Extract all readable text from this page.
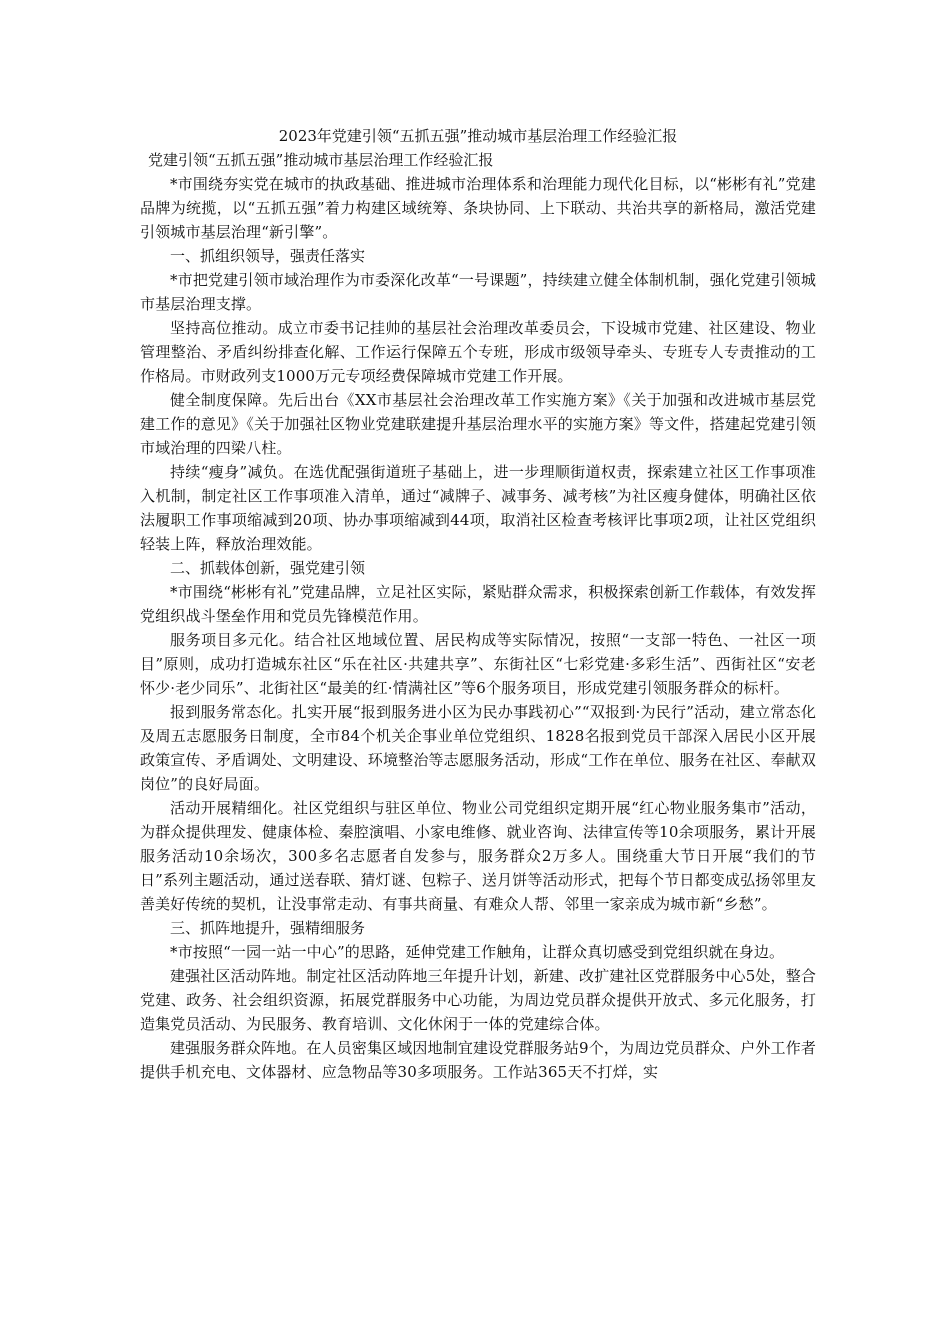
2023年党建引领“五抓五强”推动城市基层治理工作经验汇报

党建引领“五抓五强”推动城市基层治理工作经验汇报

*市围绕夯实党在城市的执政基础、推进城市治理体系和治理能力现代化目标，以“彬彬有礼”党建品牌为统揽，以“五抓五强”着力构建区域统筹、条块协同、上下联动、共治共享的新格局，激活党建引领城市基层治理“新引擎”。

一、抓组织领导，强责任落实

*市把党建引领市域治理作为市委深化改革“一号课题”，持续建立健全体制机制，强化党建引领城市基层治理支撑。

坚持高位推动。成立市委书记挂帅的基层社会治理改革委员会，下设城市党建、社区建设、物业管理整治、矛盾纠纷排查化解、工作运行保障五个专班，形成市级领导牵头、专班专人专责推动的工作格局。市财政列支1000万元专项经费保障城市党建工作开展。

健全制度保障。先后出台《XX市基层社会治理改革工作实施方案》《关于加强和改进城市基层党建工作的意见》《关于加强社区物业党建联建提升基层治理水平的实施方案》等文件，搭建起党建引领市域治理的四梁八柱。

持续“瘦身”减负。在选优配强街道班子基础上，进一步理顺街道权责，探索建立社区工作事项准入机制，制定社区工作事项准入清单，通过“减牌子、减事务、减考核”为社区瘦身健体，明确社区依法履职工作事项缩减到20项、协办事项缩减到44项，取消社区检查考核评比事项2项，让社区党组织轻装上阵，释放治理效能。

二、抓载体创新，强党建引领

*市围绕“彬彬有礼”党建品牌，立足社区实际，紧贴群众需求，积极探索创新工作载体，有效发挥党组织战斗堡垒作用和党员先锋模范作用。

服务项目多元化。结合社区地域位置、居民构成等实际情况，按照“一支部一特色、一社区一项目”原则，成功打造城东社区“乐在社区·共建共享”、东街社区“七彩党建·多彩生活”、西街社区“安老怀少·老少同乐”、北街社区“最美的红·情满社区”等6个服务项目，形成党建引领服务群众的标杆。

报到服务常态化。扎实开展“报到服务进小区为民办事践初心”“双报到·为民行”活动，建立常态化及周五志愿服务日制度，全市84个机关企事业单位党组织、1828名报到党员干部深入居民小区开展政策宣传、矛盾调处、文明建设、环境整治等志愿服务活动，形成“工作在单位、服务在社区、奉献双岗位”的良好局面。

活动开展精细化。社区党组织与驻区单位、物业公司党组织定期开展“红心物业服务集市”活动，为群众提供理发、健康体检、秦腔演唱、小家电维修、就业咨询、法律宣传等10余项服务，累计开展服务活动10余场次，300多名志愿者自发参与，服务群众2万多人。围绕重大节日开展“我们的节日”系列主题活动，通过送春联、猜灯谜、包粽子、送月饼等活动形式，把每个节日都变成弘扬邻里友善美好传统的契机，让没事常走动、有事共商量、有难众人帮、邻里一家亲成为城市新“乡愁”。

三、抓阵地提升，强精细服务

*市按照“一园一站一中心”的思路，延伸党建工作触角，让群众真切感受到党组织就在身边。

建强社区活动阵地。制定社区活动阵地三年提升计划，新建、改扩建社区党群服务中心5处，整合党建、政务、社会组织资源，拓展党群服务中心功能，为周边党员群众提供开放式、多元化服务，打造集党员活动、为民服务、教育培训、文化休闲于一体的党建综合体。

建强服务群众阵地。在人员密集区域因地制宜建设党群服务站9个，为周边党员群众、户外工作者提供手机充电、文体器材、应急物品等30多项服务。工作站365天不打烊，实
